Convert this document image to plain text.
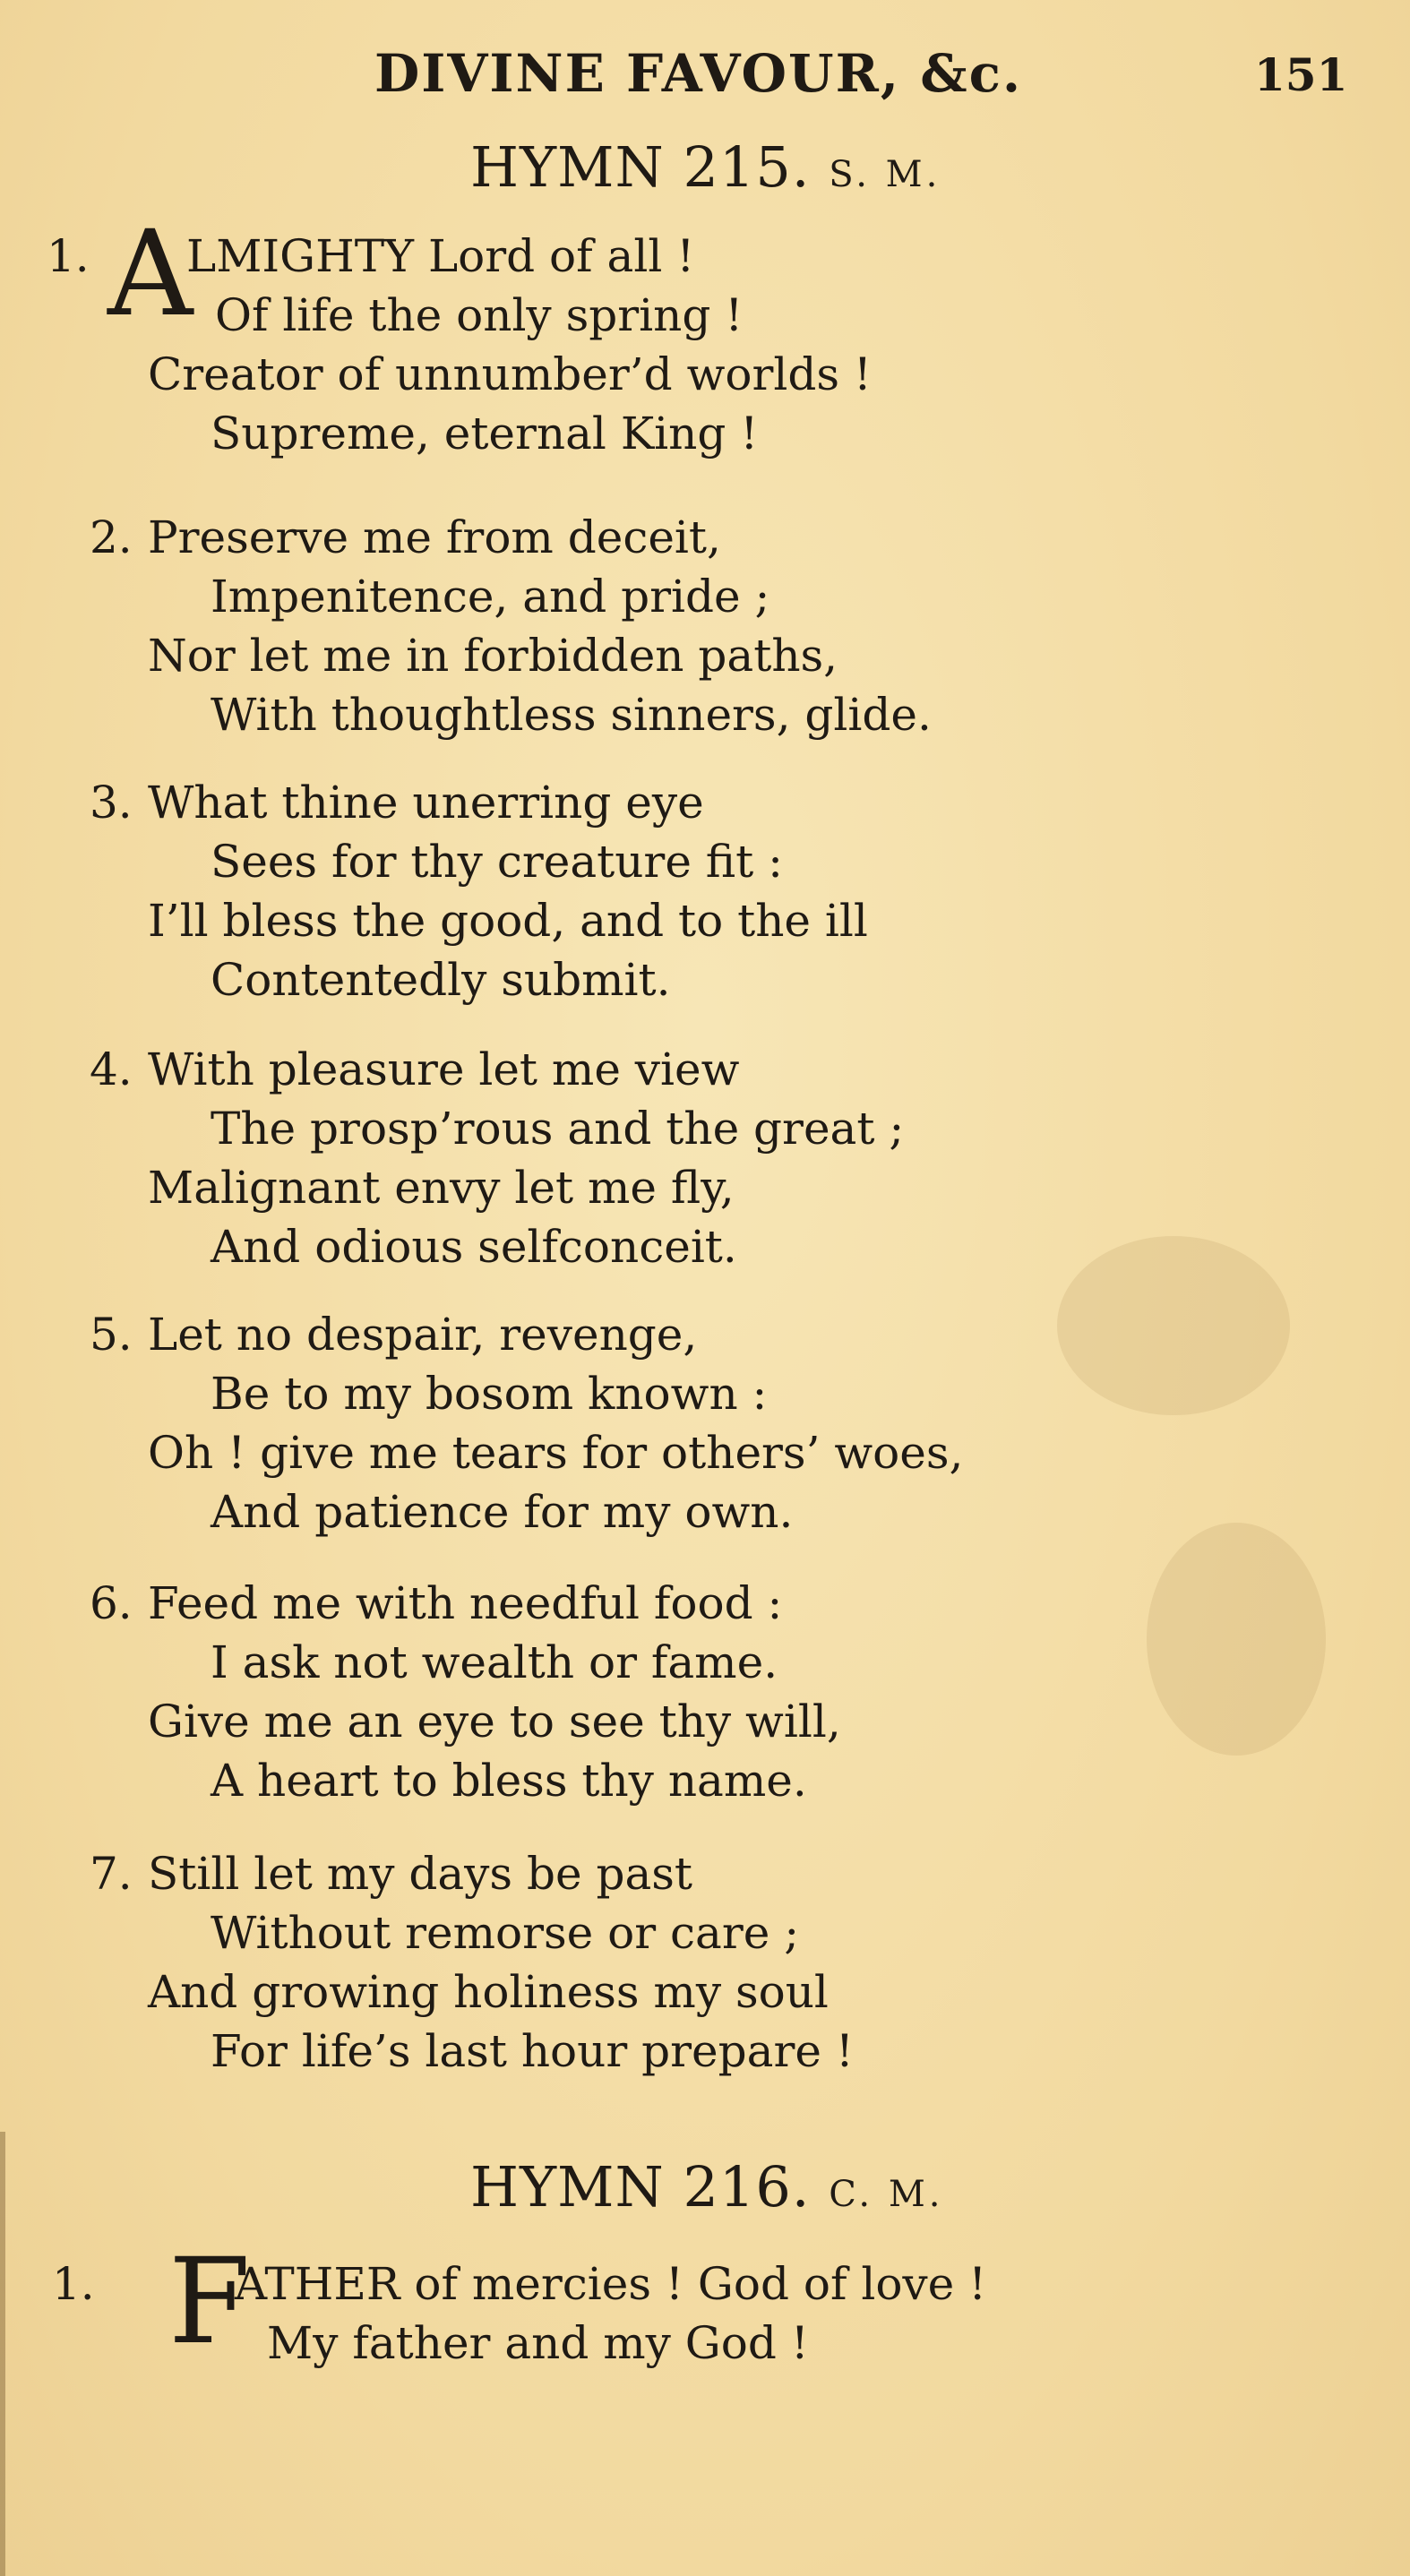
DIVINE FAVOUR, &c.	151
HYMN 215. S. M.
1. A
LMIGHTY Lord of all !
Of life the only spring !
Creator of unnumber’d worlds !
Supreme, eternal King !
2. Preserve me from deceit,
Impenitence, and pride ;
Nor let me in forbidden paths,
With thoughtless sinners, glide.
3. What thine unerring eye
Sees for thy creature fit :
I’ll bless the good, and to the ill
Contentedly submit.
4. With pleasure let me view
The prosp’rous and the great ;
Malignant envy let me fly,
And odious selfconceit.
5. Let no despair, revenge,
Be to my bosom known :
Oh ! give me tears for others’ woes,
And patience for my own.
6. Feed me with needful food :
I ask not wealth or fame.
Give me an eye to see thy will,
A heart to bless thy name.
7. Still let my days be past
Without remorse or care ;
And growing holiness my soul
For life’s last hour prepare !
HYMN 216. C. M.
1. F
ATHER of mercies ! God of love !
My father and my God !
